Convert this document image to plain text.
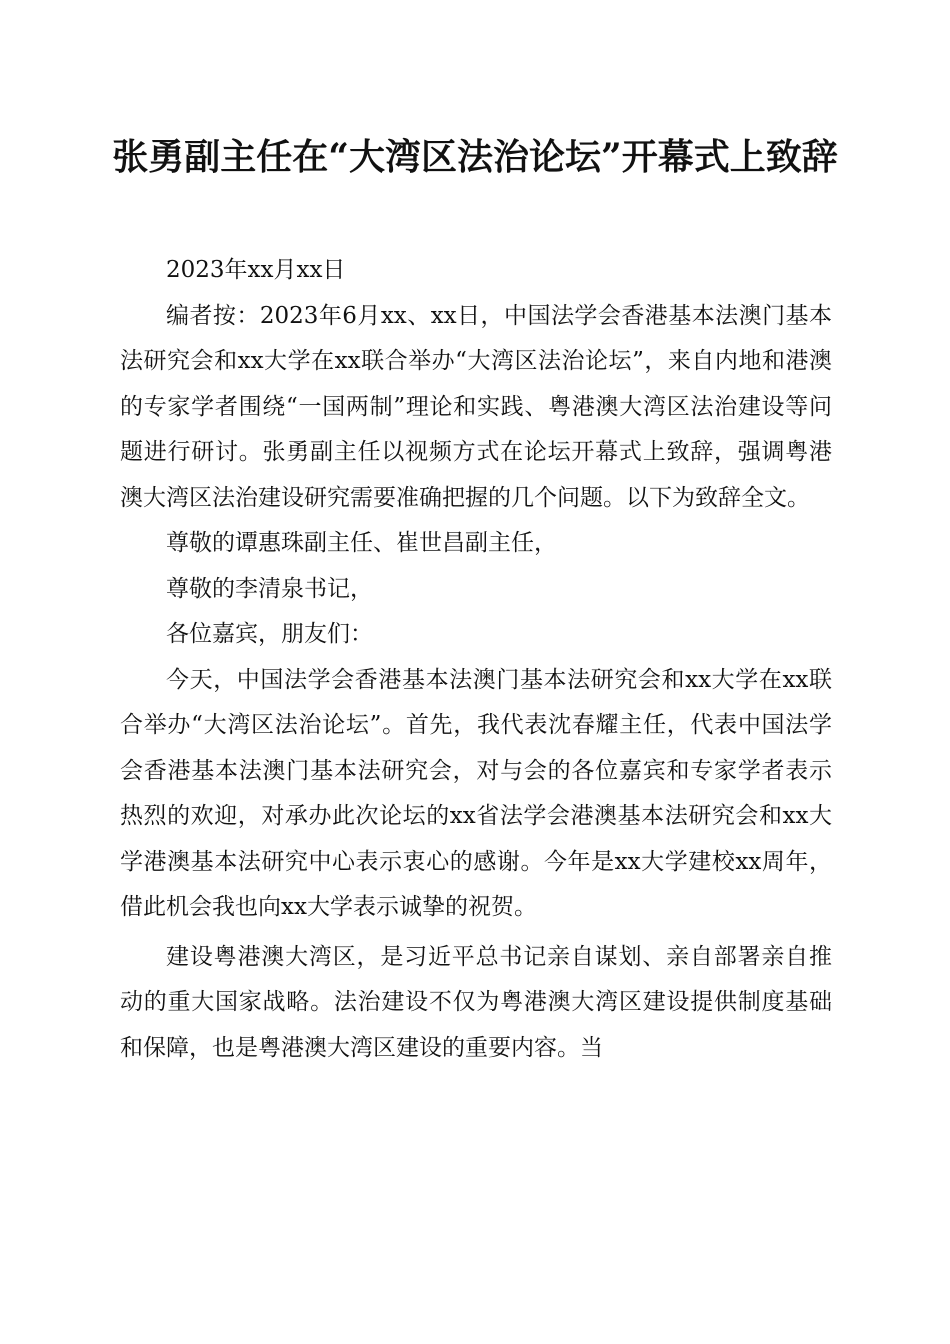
张勇副主任在“大湾区法治论坛”开幕式上致辞

2023年xx月xx日

编者按：2023年6月xx、xx日，中国法学会香港基本法澳门基本法研究会和xx大学在xx联合举办“大湾区法治论坛”，来自内地和港澳的专家学者围绕“一国两制”理论和实践、粤港澳大湾区法治建设等问题进行研讨。张勇副主任以视频方式在论坛开幕式上致辞，强调粤港澳大湾区法治建设研究需要准确把握的几个问题。以下为致辞全文。

尊敬的谭惠珠副主任、崔世昌副主任，

尊敬的李清泉书记，

各位嘉宾，朋友们：

今天，中国法学会香港基本法澳门基本法研究会和xx大学在xx联合举办“大湾区法治论坛”。首先，我代表沈春耀主任，代表中国法学会香港基本法澳门基本法研究会，对与会的各位嘉宾和专家学者表示热烈的欢迎，对承办此次论坛的xx省法学会港澳基本法研究会和xx大学港澳基本法研究中心表示衷心的感谢。今年是xx大学建校xx周年，借此机会我也向xx大学表示诚挚的祝贺。

建设粤港澳大湾区，是习近平总书记亲自谋划、亲自部署亲自推动的重大国家战略。法治建设不仅为粤港澳大湾区建设提供制度基础和保障，也是粤港澳大湾区建设的重要内容。当
